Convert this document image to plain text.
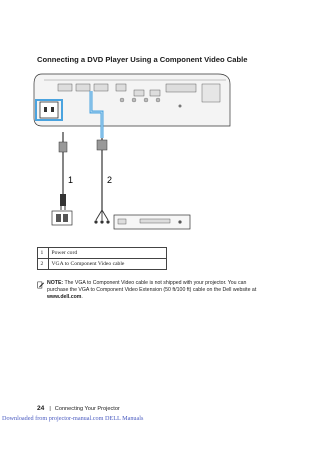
Connecting a DVD Player Using a Component Video Cable
1	2
1	Power cord
2	VGA to Component Video cable
NOTE: The VGA to Component Video cable is not shipped with your projector. You can purchase the VGA to Component Video Extension (50 ft/100 ft) cable on the Dell website at www.dell.com.
24 | Connecting Your Projector
Downloaded from projector-manual.com DELL Manuals
